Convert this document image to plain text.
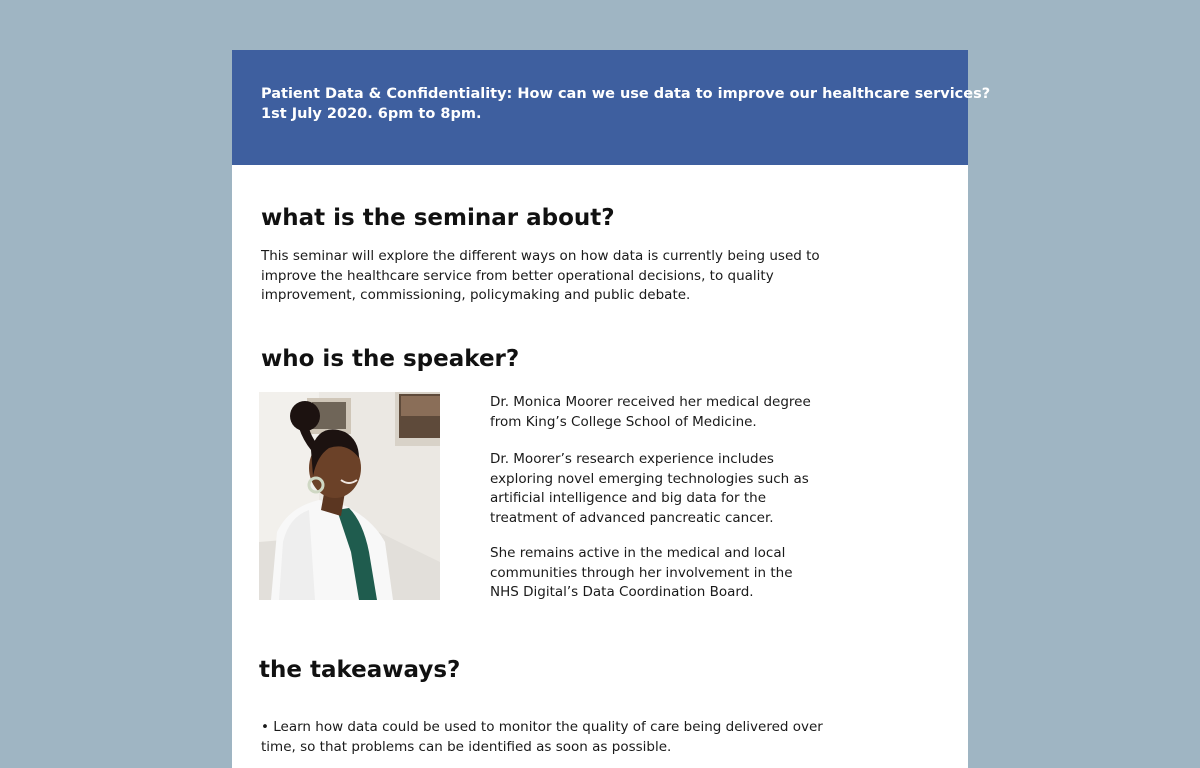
Patient Data & Confidentiality: How can we use data to improve our healthcare services?
1st July 2020. 6pm to 8pm.
what is the seminar about?
This seminar will explore the different ways on how data is currently being used to
improve the healthcare service from better operational decisions, to quality
improvement, commissioning, policymaking and public debate.
who is the speaker?
Dr. Monica Moorer received her medical degree
from King’s College School of Medicine.
Dr. Moorer’s research experience includes
exploring novel emerging technologies such as
artificial intelligence and big data for the
treatment of advanced pancreatic cancer.
She remains active in the medical and local
communities through her involvement in the
NHS Digital’s Data Coordination Board.
the takeaways?
• Learn how data could be used to monitor the quality of care being delivered over
time, so that problems can be identified as soon as possible.
